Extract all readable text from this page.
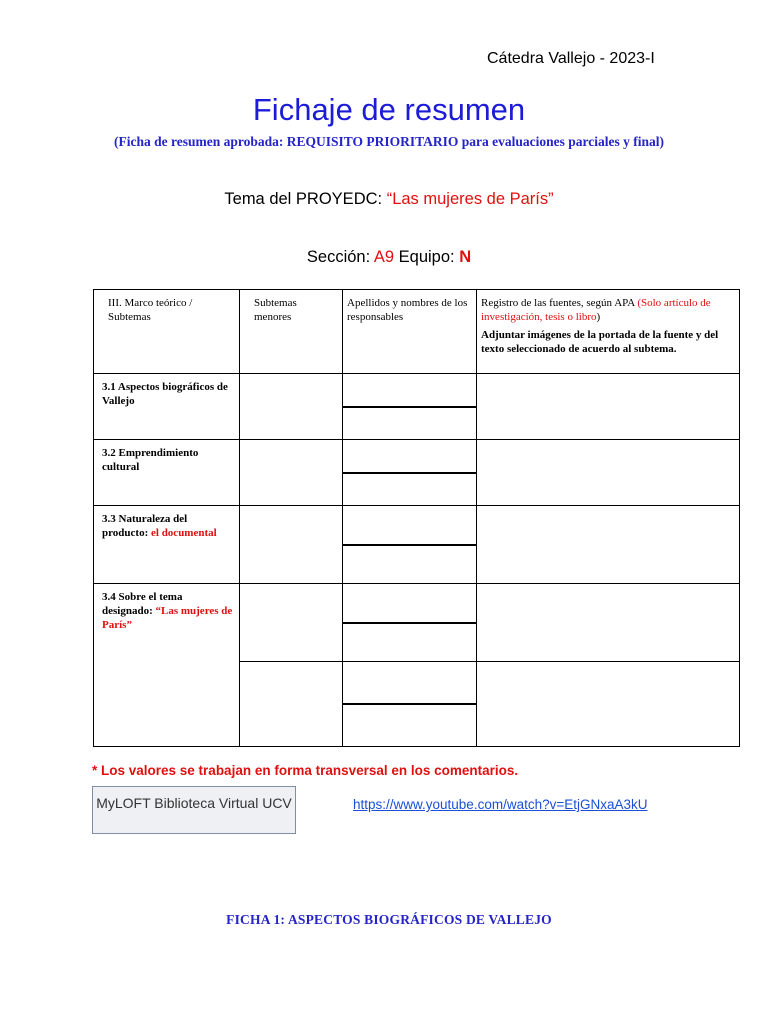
Cátedra Vallejo - 2023-I
Fichaje de resumen
(Ficha de resumen aprobada: REQUISITO PRIORITARIO para evaluaciones parciales y final)
Tema del PROYEDC: “Las mujeres de París”
Sección: A9 Equipo: N
III. Marco teórico / Subtemas	Subtemas menores	Apellidos y nombres de los responsables	Registro de las fuentes, según APA (Solo artículo de investigación, tesis o libro)
Adjuntar imágenes de la portada de la fuente y del texto seleccionado de acuerdo al subtema.

3.1 Aspectos biográficos de Vallejo			

3.2 Emprendimiento cultural			

3.3 Naturaleza del producto: el documental			

3.4 Sobre el tema designado: “Las mujeres de París”			

* Los valores se trabajan en forma transversal en los comentarios.
MyLOFT Biblioteca Virtual UCV	https://www.youtube.com/watch?v=EtjGNxaA3kU
FICHA 1: ASPECTOS BIOGRÁFICOS DE VALLEJO
